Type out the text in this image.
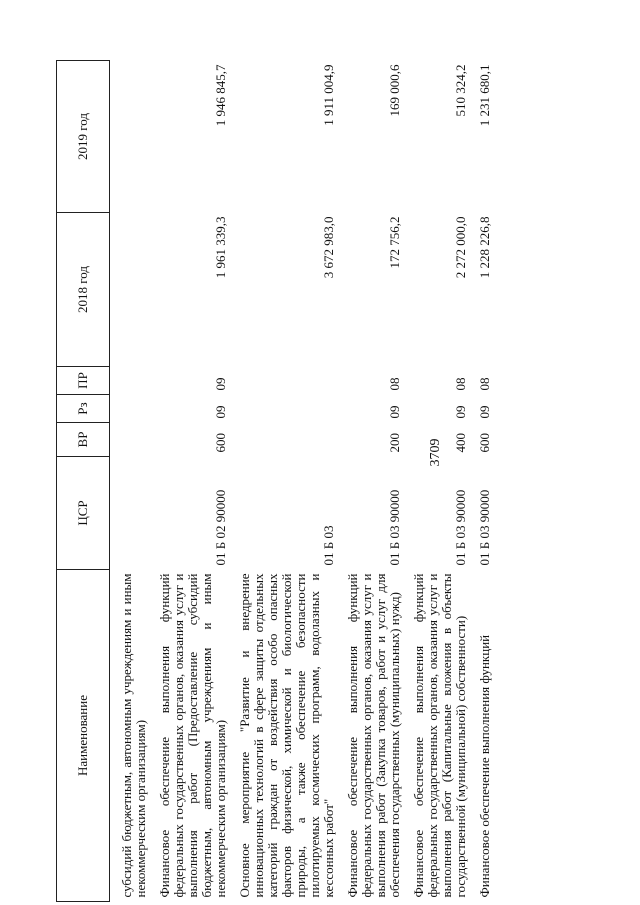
3709
Наименование	ЦСР	ВР	Рз	ПР	2018 год	2019 год
субсидий бюджетным, автономным учреждениям и иным некоммерческим организациям)						
Финансовое обеспечение выполнения функций федеральных государственных органов, оказания услуг и выполнения работ (Предоставление субсидий бюджетным, автономным учреждениям и иным некоммерческим организациям)	01 Б 02 90000	600	09	09	1 961 339,3	1 946 845,7
Основное мероприятие "Развитие и внедрение инновационных технологий в сфере защиты отдельных категорий граждан от воздействия особо опасных факторов физической, химической и биологической природы, а также обеспечение безопасности пилотируемых космических программ, водолазных и кессонных работ"	01 Б 03				3 672 983,0	1 911 004,9
Финансовое обеспечение выполнения функций федеральных государственных органов, оказания услуг и выполнения работ (Закупка товаров, работ и услуг для обеспечения государственных (муниципальных) нужд)	01 Б 03 90000	200	09	08	172 756,2	169 000,6
Финансовое обеспечение выполнения функций федеральных государственных органов, оказания услуг и выполнения работ (Капитальные вложения в объекты государственной (муниципальной) собственности)	01 Б 03 90000	400	09	08	2 272 000,0	510 324,2
Финансовое обеспечение выполнения функций	01 Б 03 90000	600	09	08	1 228 226,8	1 231 680,1
